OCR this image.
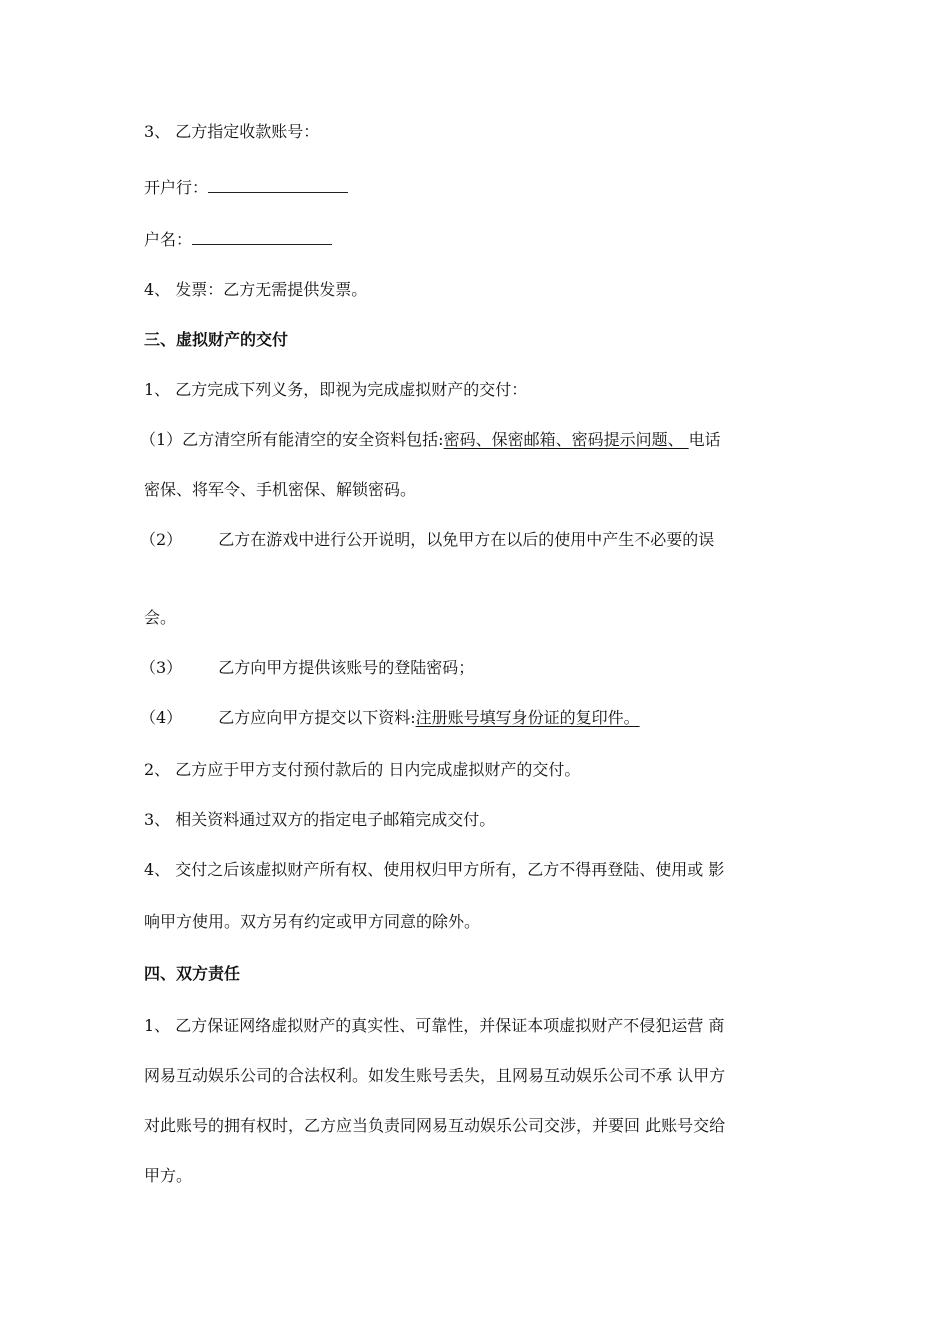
3、 乙方指定收款账号：
开户行：
户名：
4、 发票：乙方无需提供发票。
三、虚拟财产的交付
1、 乙方完成下列义务，即视为完成虚拟财产的交付：
（1）乙方清空所有能清空的安全资料包括:密码、保密邮箱、密码提示问题、 电话
密保、将军令、手机密保、解锁密码。
（2） 乙方在游戏中进行公开说明，以免甲方在以后的使用中产生不必要的误
会。
（3） 乙方向甲方提供该账号的登陆密码；
（4） 乙方应向甲方提交以下资料:注册账号填写身份证的复印件。
2、 乙方应于甲方支付预付款后的 日内完成虚拟财产的交付。
3、 相关资料通过双方的指定电子邮箱完成交付。
4、 交付之后该虚拟财产所有权、使用权归甲方所有，乙方不得再登陆、使用或 影
响甲方使用。双方另有约定或甲方同意的除外。
四、双方责任
1、 乙方保证网络虚拟财产的真实性、可靠性，并保证本项虚拟财产不侵犯运营 商
网易互动娱乐公司的合法权利。如发生账号丢失，且网易互动娱乐公司不承 认甲方
对此账号的拥有权时，乙方应当负责同网易互动娱乐公司交涉，并要回 此账号交给
甲方。
